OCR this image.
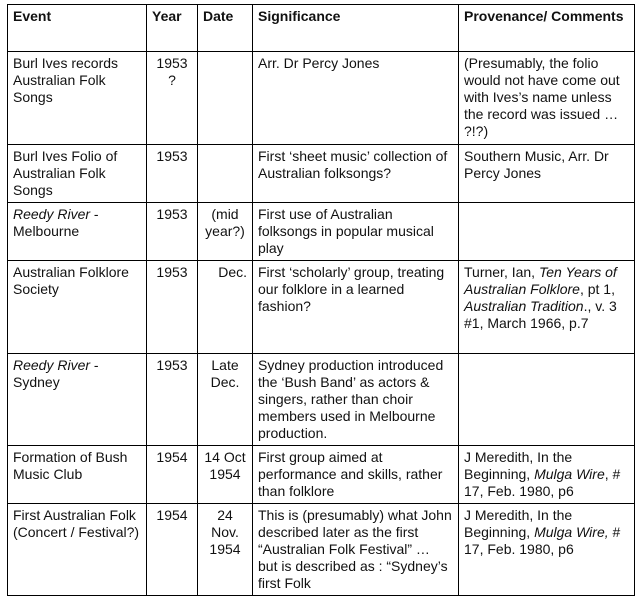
Event	Year	Date	Significance	Provenance/ Comments
Burl Ives records Australian Folk Songs	1953 ?		Arr. Dr Percy Jones	(Presumably, the folio would not have come out with Ives’s name unless the record was issued … ?!?)
Burl Ives Folio of Australian Folk Songs	1953		First ‘sheet music’ collection of Australian folksongs?	Southern Music, Arr. Dr Percy Jones
Reedy River - Melbourne	1953	(mid year?)	First use of Australian folksongs in popular musical play	
Australian Folklore Society	1953	Dec.	First ‘scholarly’ group, treating our folklore in a learned fashion?	Turner, Ian, Ten Years of Australian Folklore, pt 1, Australian Tradition., v. 3 #1, March 1966, p.7
Reedy River - Sydney	1953	Late Dec.	Sydney production introduced the ‘Bush Band’ as actors & singers, rather than choir members used in Melbourne production.	
Formation of Bush Music Club	1954	14 Oct 1954	First group aimed at performance and skills, rather than folklore	J Meredith, In the Beginning, Mulga Wire, # 17, Feb. 1980, p6
First Australian Folk (Concert / Festival?)	1954	24 Nov. 1954	This is (presumably) what John described later as the first “Australian Folk Festival” … but is described as : “Sydney’s first Folk	J Meredith, In the Beginning, Mulga Wire, # 17, Feb. 1980, p6
